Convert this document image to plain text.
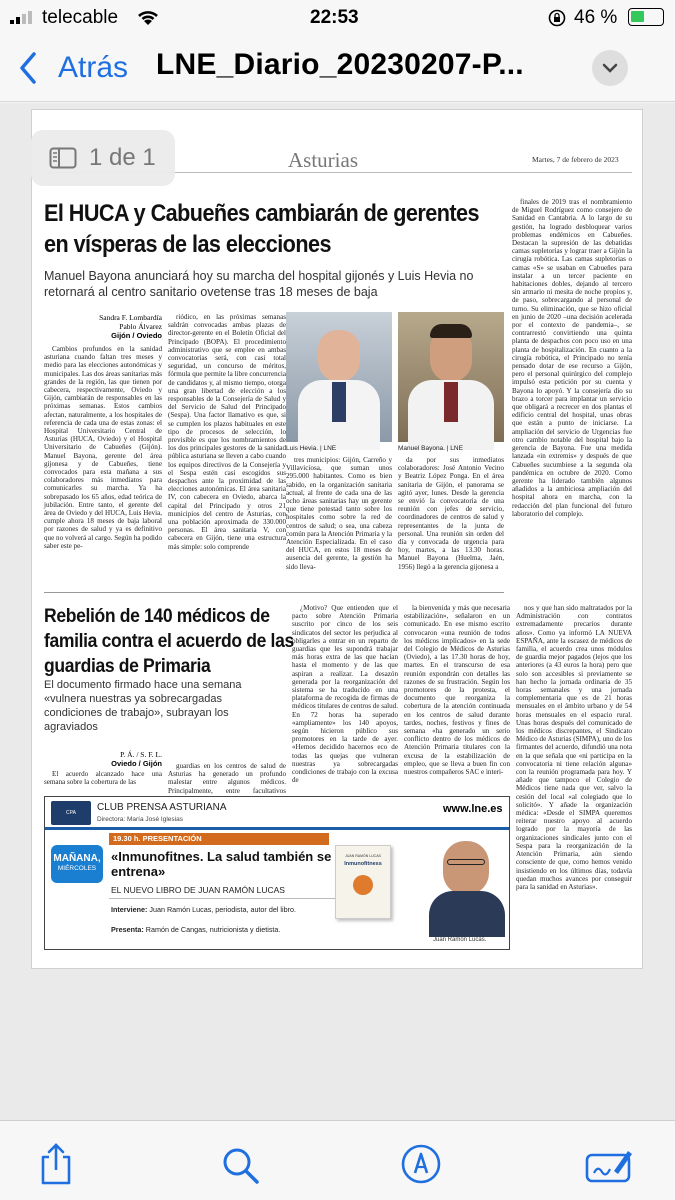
telecable	22:53	46 %
Atrás LNE_Diario_20230207-P...
Asturias	Martes, 7 de febrero de 2023
El HUCA y Cabueñes cambiarán de gerentes en vísperas de las elecciones
Manuel Bayona anunciará hoy su marcha del hospital gijonés y Luis Hevia no retornará al centro sanitario ovetense tras 18 meses de baja
Sandra F. Lombardía
Pablo Álvarez
Gijón / Oviedo

Cambios profundos en la sanidad asturiana cuando faltan tres meses y medio para las elecciones autonómicas y municipales. Las dos áreas sanitarias más grandes de la región, las que tienen por cabecera, respectivamente, Oviedo y Gijón, cambiarán de responsables en las próximas semanas. Estos cambios afectan, naturalmente, a los hospitales de referencia de cada una de estas zonas: el Hospital Universitario Central de Asturias (HUCA, Oviedo) y el Hospital Universitario de Cabueñes (Gijón). Manuel Bayona, gerente del área gijonesa y de Cabueñes, tiene convocados para esta mañana a sus colaboradores más inmediatos para comunicarles su marcha. Ya ha sobrepasado los 65 años, edad teórica de jubilación. Entre tanto, el gerente del área de Oviedo y del HUCA, Luis Hevia, cumple ahora 18 meses de baja laboral por razones de salud y ya es definitivo que no volverá al cargo. Según ha podido saber este pe-

riódico, en las próximas semanas saldrán convocadas ambas plazas de director-gerente en el Boletín Oficial del Principado (BOPA). El procedimiento administrativo que se emplee en ambas convocatorias será, con casi total seguridad, un concurso de méritos, fórmula que permite la libre concurrencia de candidatos y, al mismo tiempo, otorga una gran libertad de elección a los responsables de la Consejería de Salud y del Servicio de Salud del Principado (Sespa). Una factor llamativo es que, si se cumplen los plazos habituales en este tipo de procesos de selección, lo previsible es que los nombramientos de los dos principales gestores de la sanidad pública asturiana se lleven a cabo cuando los equipos directivos de la Consejería y el Sespa estén casi escogidos sus despachos ante la proximidad de las elecciones autonómicas. El área sanitaria IV, con cabecera en Oviedo, abarca la capital del Principado y otros 21 municipios del centro de Asturias, con una población aproximada de 330.000 personas. El área sanitaria V, con cabecera en Gijón, tiene una estructura más simple: solo comprende

Luis Hevia. | LNE	Manuel Bayona. | LNE

tres municipios: Gijón, Carreño y Villaviciosa, que suman unos 295.000 habitantes. Como es bien sabido, en la organización sanitaria actual, al frente de cada una de las ocho áreas sanitarias hay un gerente que tiene potestad tanto sobre los hospitales como sobre la red de centros de salud; o sea, una cabeza común para la Atención Primaria y la Atención Especializada. En el caso del HUCA, en estos 18 meses de ausencia del gerente, la gestión ha sido lleva-

da por sus inmediatos colaboradores: José Antonio Vecino y Beatriz López Ponga. En el área sanitaria de Gijón, el panorama se agitó ayer, lunes. Desde la gerencia se envió la convocatoria de una reunión con jefes de servicio, coordinadores de centros de salud y representantes de la junta de personal. Una reunión sin orden del día y convocada de urgencia para hoy, martes, a las 13.30 horas. Manuel Bayona (Huelma, Jaén, 1956) llegó a la gerencia gijonesa a

finales de 2019 tras el nombramiento de Miguel Rodríguez como consejero de Sanidad en Cantabria. A lo largo de su gestión, ha logrado desbloquear varios problemas endémicos en Cabueñes. Destacan la supresión de las debatidas camas supletorias y lograr traer a Gijón la cirugía robótica. Las camas supletorias o camas «S» se usaban en Cabueñes para instalar a un tercer paciente en habitaciones dobles, dejando al tercero sin armario ni mesita de noche propios y, de paso, sobrecargando al personal de turno. Su eliminación, que se hizo oficial en junio de 2020 –una decisión acelerada por el contexto de pandemia–, se contrarrestó convirtiendo una quinta planta de despachos con poco uso en una planta de hospitalización. En cuanto a la cirugía robótica, el Principado no tenía pensado dotar de ese recurso a Gijón, pero el personal quirúrgico del complejo impulsó esta petición por su cuenta y Bayona lo apoyó. Y la consejería dio su brazo a torcer para implantar un servicio que obligará a recrecer en dos plantas el edificio central del hospital, unas obras que están a punto de iniciarse. La ampliación del servicio de Urgencias fue otro cambio notable del hospital bajo la gerencia de Bayona. Fue una medida lanzada «in extremis» y después de que Cabueñes sucumbiese a la segunda ola pandémica en octubre de 2020. Como gerente ha liderado también algunos añadidos a la ambiciosa ampliación del hospital ahora en marcha, con la redacción del plan funcional del futuro laboratorio del complejo.

Rebelión de 140 médicos de familia contra el acuerdo de las guardias de Primaria
El documento firmado hace una semana «vulnera nuestras ya sobrecargadas condiciones de trabajo», subrayan los agraviados
P. Á. / S. F. L.
Oviedo / Gijón

El acuerdo alcanzado hace una semana sobre la cobertura de las

guardias en los centros de salud de Asturias ha generado un profundo malestar entre algunos médicos. Principalmente, entre facultativos

¿Motivo? Que entienden que el pacto sobre Atención Primaria suscrito por cinco de los seis sindicatos del sector les perjudica al obligarles a entrar en un reparto de guardias que les supondrá trabajar más horas extra de las que hacían hasta el momento y de las que aspiran a realizar. La desazón generada por la reorganización del sistema se ha traducido en una plataforma de recogida de firmas de médicos titulares de centros de salud. En 72 horas ha superado «ampliamente» los 140 apoyos, según hicieron público sus promotores en la tarde de ayer. «Hemos decidido hacernos eco de todas las quejas que vulneran nuestras ya sobrecargadas condiciones de trabajo con la excusa de

la bienvenida y más que necesaria estabilización», señalaron en un comunicado. En ese mismo escrito convocaron «una reunión de todos los médicos implicados» en la sede del Colegio de Médicos de Asturias (Oviedo), a las 17.30 horas de hoy, martes. En el transcurso de esa reunión expondrán con detalles las razones de su frustración. Según los promotores de la protesta, el documento que reorganiza la cobertura de la atención continuada en los centros de salud durante tardes, noches, festivos y fines de semana «ha generado un serio conflicto dentro de los médicos de Atención Primaria titulares con la excusa de la estabilización de empleo, que se lleva a buen fin con nuestros compañeros SAC e interi-

nos y que han sido maltratados por la Administración con contratos extremadamente precarios durante años». Como ya informó LA NUEVA ESPAÑA, ante la escasez de médicos de familia, el acuerdo crea unos módulos de guardia mejor pagados (lejos que los anteriores (a 43 euros la hora) pero que solo son accesibles si previamente se han hecho la jornada ordinaria de 35 horas semanales y una jornada complementaria que es de 21 horas mensuales en el ámbito urbano y de 54 horas mensuales en el espacio rural. Unas horas después del comunicado de los médicos discrepantes, el Sindicato Médico de Asturias (SIMPA), uno de los firmantes del acuerdo, difundió una nota en la que señala que «ni participa en la convocatoria ni tiene relación alguna» con la reunión programada para hoy. Y añade que tampoco el Colegio de Médicos tiene nada que ver, salvo la cesión del local «al colegiado que lo solicitó». Y añade la organización médica: «Desde el SIMPA queremos reiterar nuestro apoyo al acuerdo logrado por la mayoría de las organizaciones sindicales junto con el Sespa para la reorganización de la Atención Primaria, aún siendo consciente de que, como hemos venido insistiendo en los últimos días, todavía quedan muchos avances por conseguir para la sanidad en Asturias».

CPA	CLUB PRENSA ASTURIANA
Directora: María José Iglesias
www.lne.es
MAÑANA,
MIÉRCOLES
19.30 h. PRESENTACIÓN
«Inmunofitnes. La salud también se entrena»
EL NUEVO LIBRO DE JUAN RAMÓN LUCAS
Interviene: Juan Ramón Lucas, periodista, autor del libro.
Presenta: Ramón de Cangas, nutricionista y dietista.
JUAN RAMÓN LUCAS
Inmunofitness
Juan Ramón Lucas.
1 de 1
